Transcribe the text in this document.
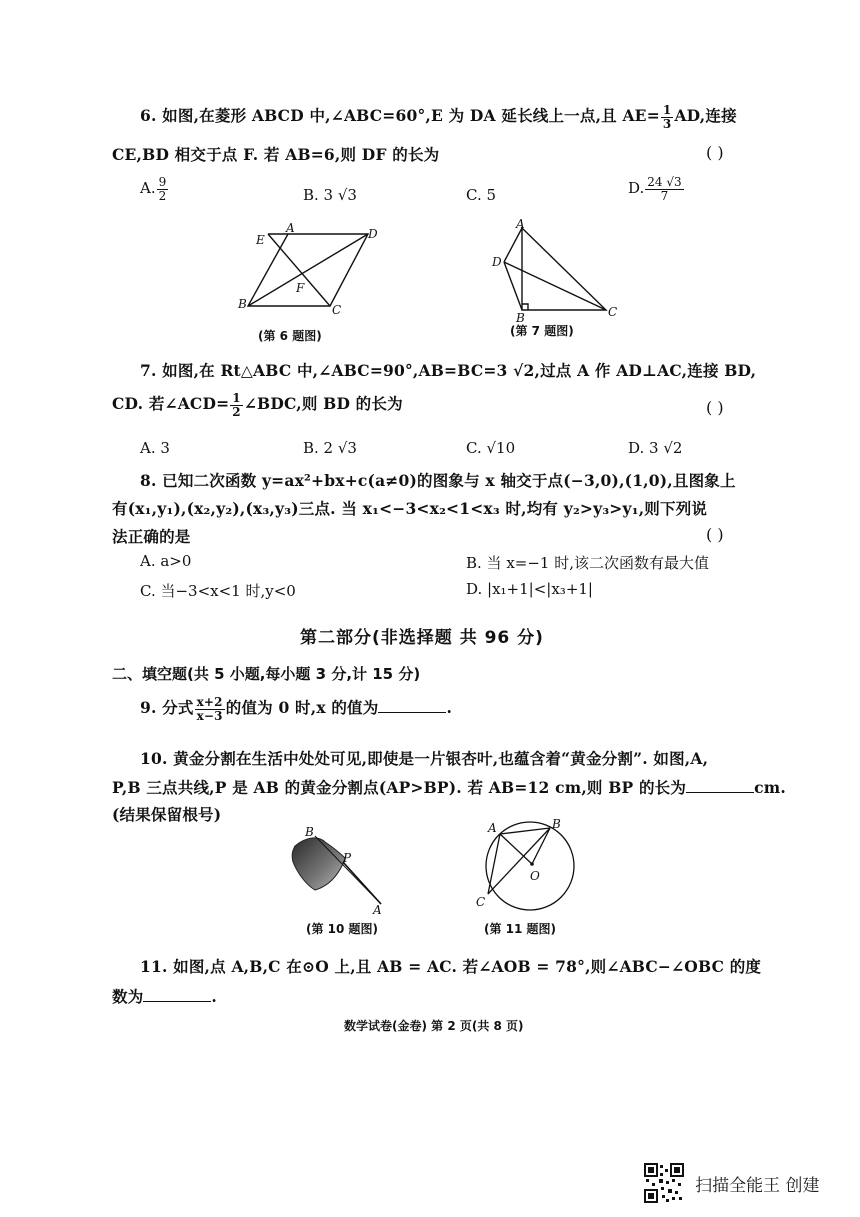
6. 如图,在菱形 ABCD 中,∠ABC=60°,E 为 DA 延长线上一点,且 $AE= \frac{1}{3}$ AD,连接
CE,BD 相交于点 F. 若 AB=6,则 DF 的长为	( )
A. $\frac{9}{2}$	B. 3 √3	C. 5	D. $\frac{24 √3}{7}$
E
A	D
F
B	C
(第 6 题图)
A
D
B	C
(第 7 题图)
7. 如图,在 Rt△ABC 中,∠ABC=90°,AB=BC=3 √2,过点 A 作 AD⊥AC,连接 BD,
CD. 若∠ACD= $\frac{1}{2}$ ∠BDC,则 BD 的长为	( )
A. 3	B. 2 √3	C. √10	D. 3 √2
8. 已知二次函数 y=ax²+bx+c(a≠0)的图象与 x 轴交于点(−3,0),(1,0),且图象上
有(x₁,y₁),(x₂,y₂),(x₃,y₃)三点. 当 x₁<−3<x₂<1<x₃ 时,均有 y₂>y₃>y₁,则下列说
法正确的是	( )
A. a>0	B. 当 x=−1 时,该二次函数有最大值
C. 当−3<x<1 时,y<0	D. |x₁+1|<|x₃+1|
第二部分(非选择题 共 96 分)
二、填空题(共 5 小题,每小题 3 分,计 15 分)
9. 分式 $\frac{x+2}{x-3}$ 的值为 0 时,x 的值为	.
10. 黄金分割在生活中处处可见,即使是一片银杏叶,也蕴含着“黄金分割”. 如图,A,
P,B 三点共线,P 是 AB 的黄金分割点(AP>BP). 若 AB=12 cm,则 BP 的长为	cm.
(结果保留根号)
B
P
A
(第 10 题图)
A	B
C
O
(第 11 题图)
11. 如图,点 A,B,C 在⊙O 上,且 AB = AC. 若∠AOB = 78°,则∠ABC−∠OBC 的度
数为	.
数学试卷(金卷) 第 2 页(共 8 页)
扫描全能王 创建
